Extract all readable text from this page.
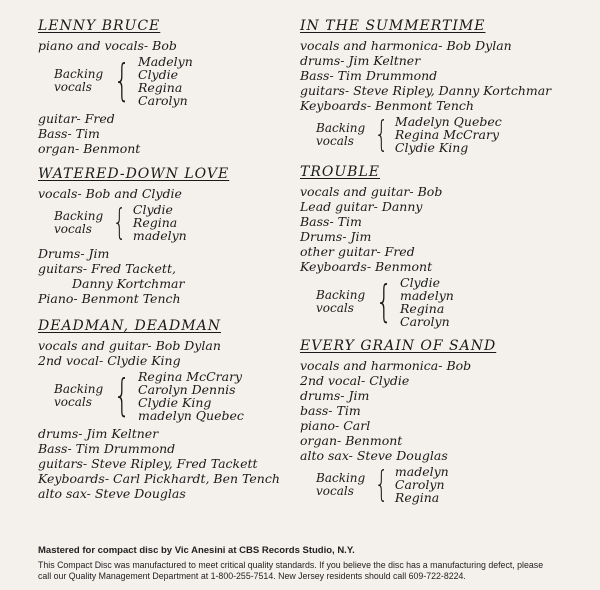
LENNY BRUCE
piano and vocals- Bob
Backing
vocals { Madelyn
Clydie
Regina
Carolyn
guitar- Fred
Bass- Tim
organ- Benmont
WATERED-DOWN LOVE
vocals- Bob and Clydie
Backing
vocals { Clydie
Regina
madelyn
Drums- Jim
guitars- Fred Tackett,
Danny Kortchmar
Piano- Benmont Tench
DEADMAN, DEADMAN
vocals and guitar- Bob Dylan
2nd vocal- Clydie King
Backing
vocals { Regina McCrary
Carolyn Dennis
Clydie King
madelyn Quebec
drums- Jim Keltner
Bass- Tim Drummond
guitars- Steve Ripley, Fred Tackett
Keyboards- Carl Pickhardt, Ben Tench
alto sax- Steve Douglas
IN THE SUMMERTIME
vocals and harmonica- Bob Dylan
drums- Jim Keltner
Bass- Tim Drummond
guitars- Steve Ripley, Danny Kortchmar
Keyboards- Benmont Tench
Backing
vocals { Madelyn Quebec
Regina McCrary
Clydie King
TROUBLE
vocals and guitar- Bob
Lead guitar- Danny
Bass- Tim
Drums- Jim
other guitar- Fred
Keyboards- Benmont
Backing
vocals { Clydie
madelyn
Regina
Carolyn
EVERY GRAIN OF SAND
vocals and harmonica- Bob
2nd vocal- Clydie
drums- Jim
bass- Tim
piano- Carl
organ- Benmont
alto sax- Steve Douglas
Backing
vocals { madelyn
Carolyn
Regina
Mastered for compact disc by Vic Anesini at CBS Records Studio, N.Y.
This Compact Disc was manufactured to meet critical quality standards. If you believe the disc has a manufacturing defect, please
call our Quality Management Department at 1-800-255-7514. New Jersey residents should call 609-722-8224.
